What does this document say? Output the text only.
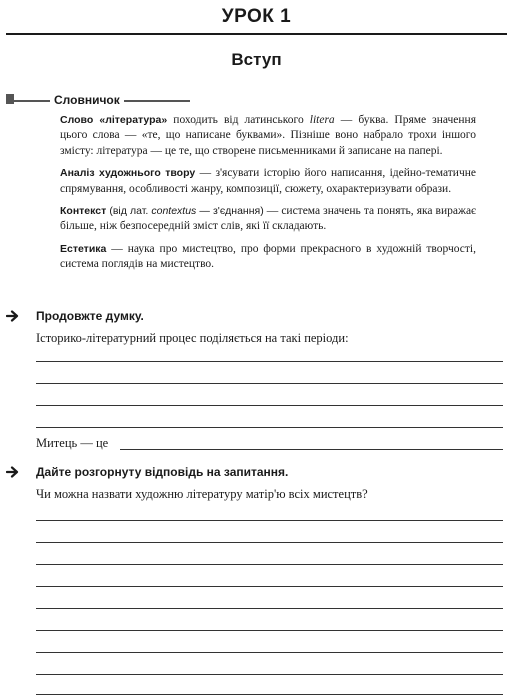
УРОК 1
Вступ
Словничок

Слово «література» походить від латинського litera — буква. Пряме значення цього слова — «те, що написане буквами». Пізніше воно набрало трохи іншого змісту: література — це те, що створене письменниками й записане на папері.

Аналіз художнього твору — з'ясувати історію його написання, ідейно-тематичне спрямування, особливості жанру, композиції, сюжету, охарактеризувати образи.

Контекст (від лат. contextus — з'єднання) — система значень та понять, яка виражає більше, ніж безпосередній зміст слів, які її складають.

Естетика — наука про мистецтво, про форми прекрасного в художній творчості, система поглядів на мистецтво.

Продовжте думку.
Історико-літературний процес поділяється на такі періоди:
Митець — це
Дайте розгорнуту відповідь на запитання.
Чи можна назвати художню літературу матір'ю всіх мистецтв?
